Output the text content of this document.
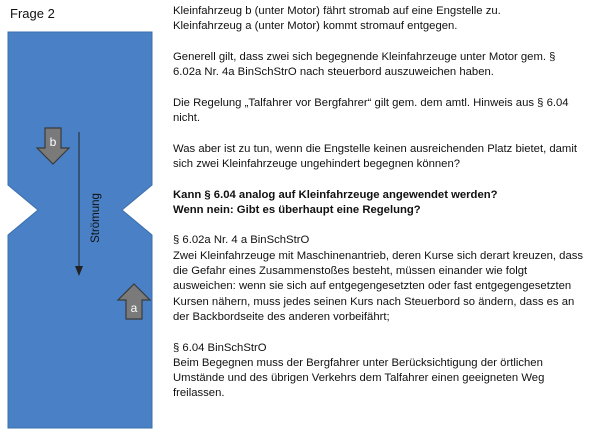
Frage 2
b
Strömung
a

Kleinfahrzeug b (unter Motor) fährt stromab auf eine Engstelle zu.
Kleinfahrzeug a (unter Motor) kommt stromauf entgegen.

Generell gilt, dass zwei sich begegnende Kleinfahrzeuge unter Motor gem. § 6.02a Nr. 4a BinSchStrO nach steuerbord auszuweichen haben.

Die Regelung „Talfahrer vor Bergfahrer“ gilt gem. dem amtl. Hinweis aus § 6.04 nicht.

Was aber ist zu tun, wenn die Engstelle keinen ausreichenden Platz bietet, damit sich zwei Kleinfahrzeuge ungehindert begegnen können?

Kann § 6.04 analog auf Kleinfahrzeuge angewendet werden?
Wenn nein: Gibt es überhaupt eine Regelung?

§ 6.02a Nr. 4 a BinSchStrO
Zwei Kleinfahrzeuge mit Maschinenantrieb, deren Kurse sich derart kreuzen, dass die Gefahr eines Zusammenstoßes besteht, müssen einander wie folgt ausweichen: wenn sie sich auf entgegengesetzten oder fast entgegengesetzten Kursen nähern, muss jedes seinen Kurs nach Steuerbord so ändern, dass es an der Backbordseite des anderen vorbeifährt;

§ 6.04 BinSchStrO
Beim Begegnen muss der Bergfahrer unter Berücksichtigung der örtlichen Umstände und des übrigen Verkehrs dem Talfahrer einen geeigneten Weg freilassen.
